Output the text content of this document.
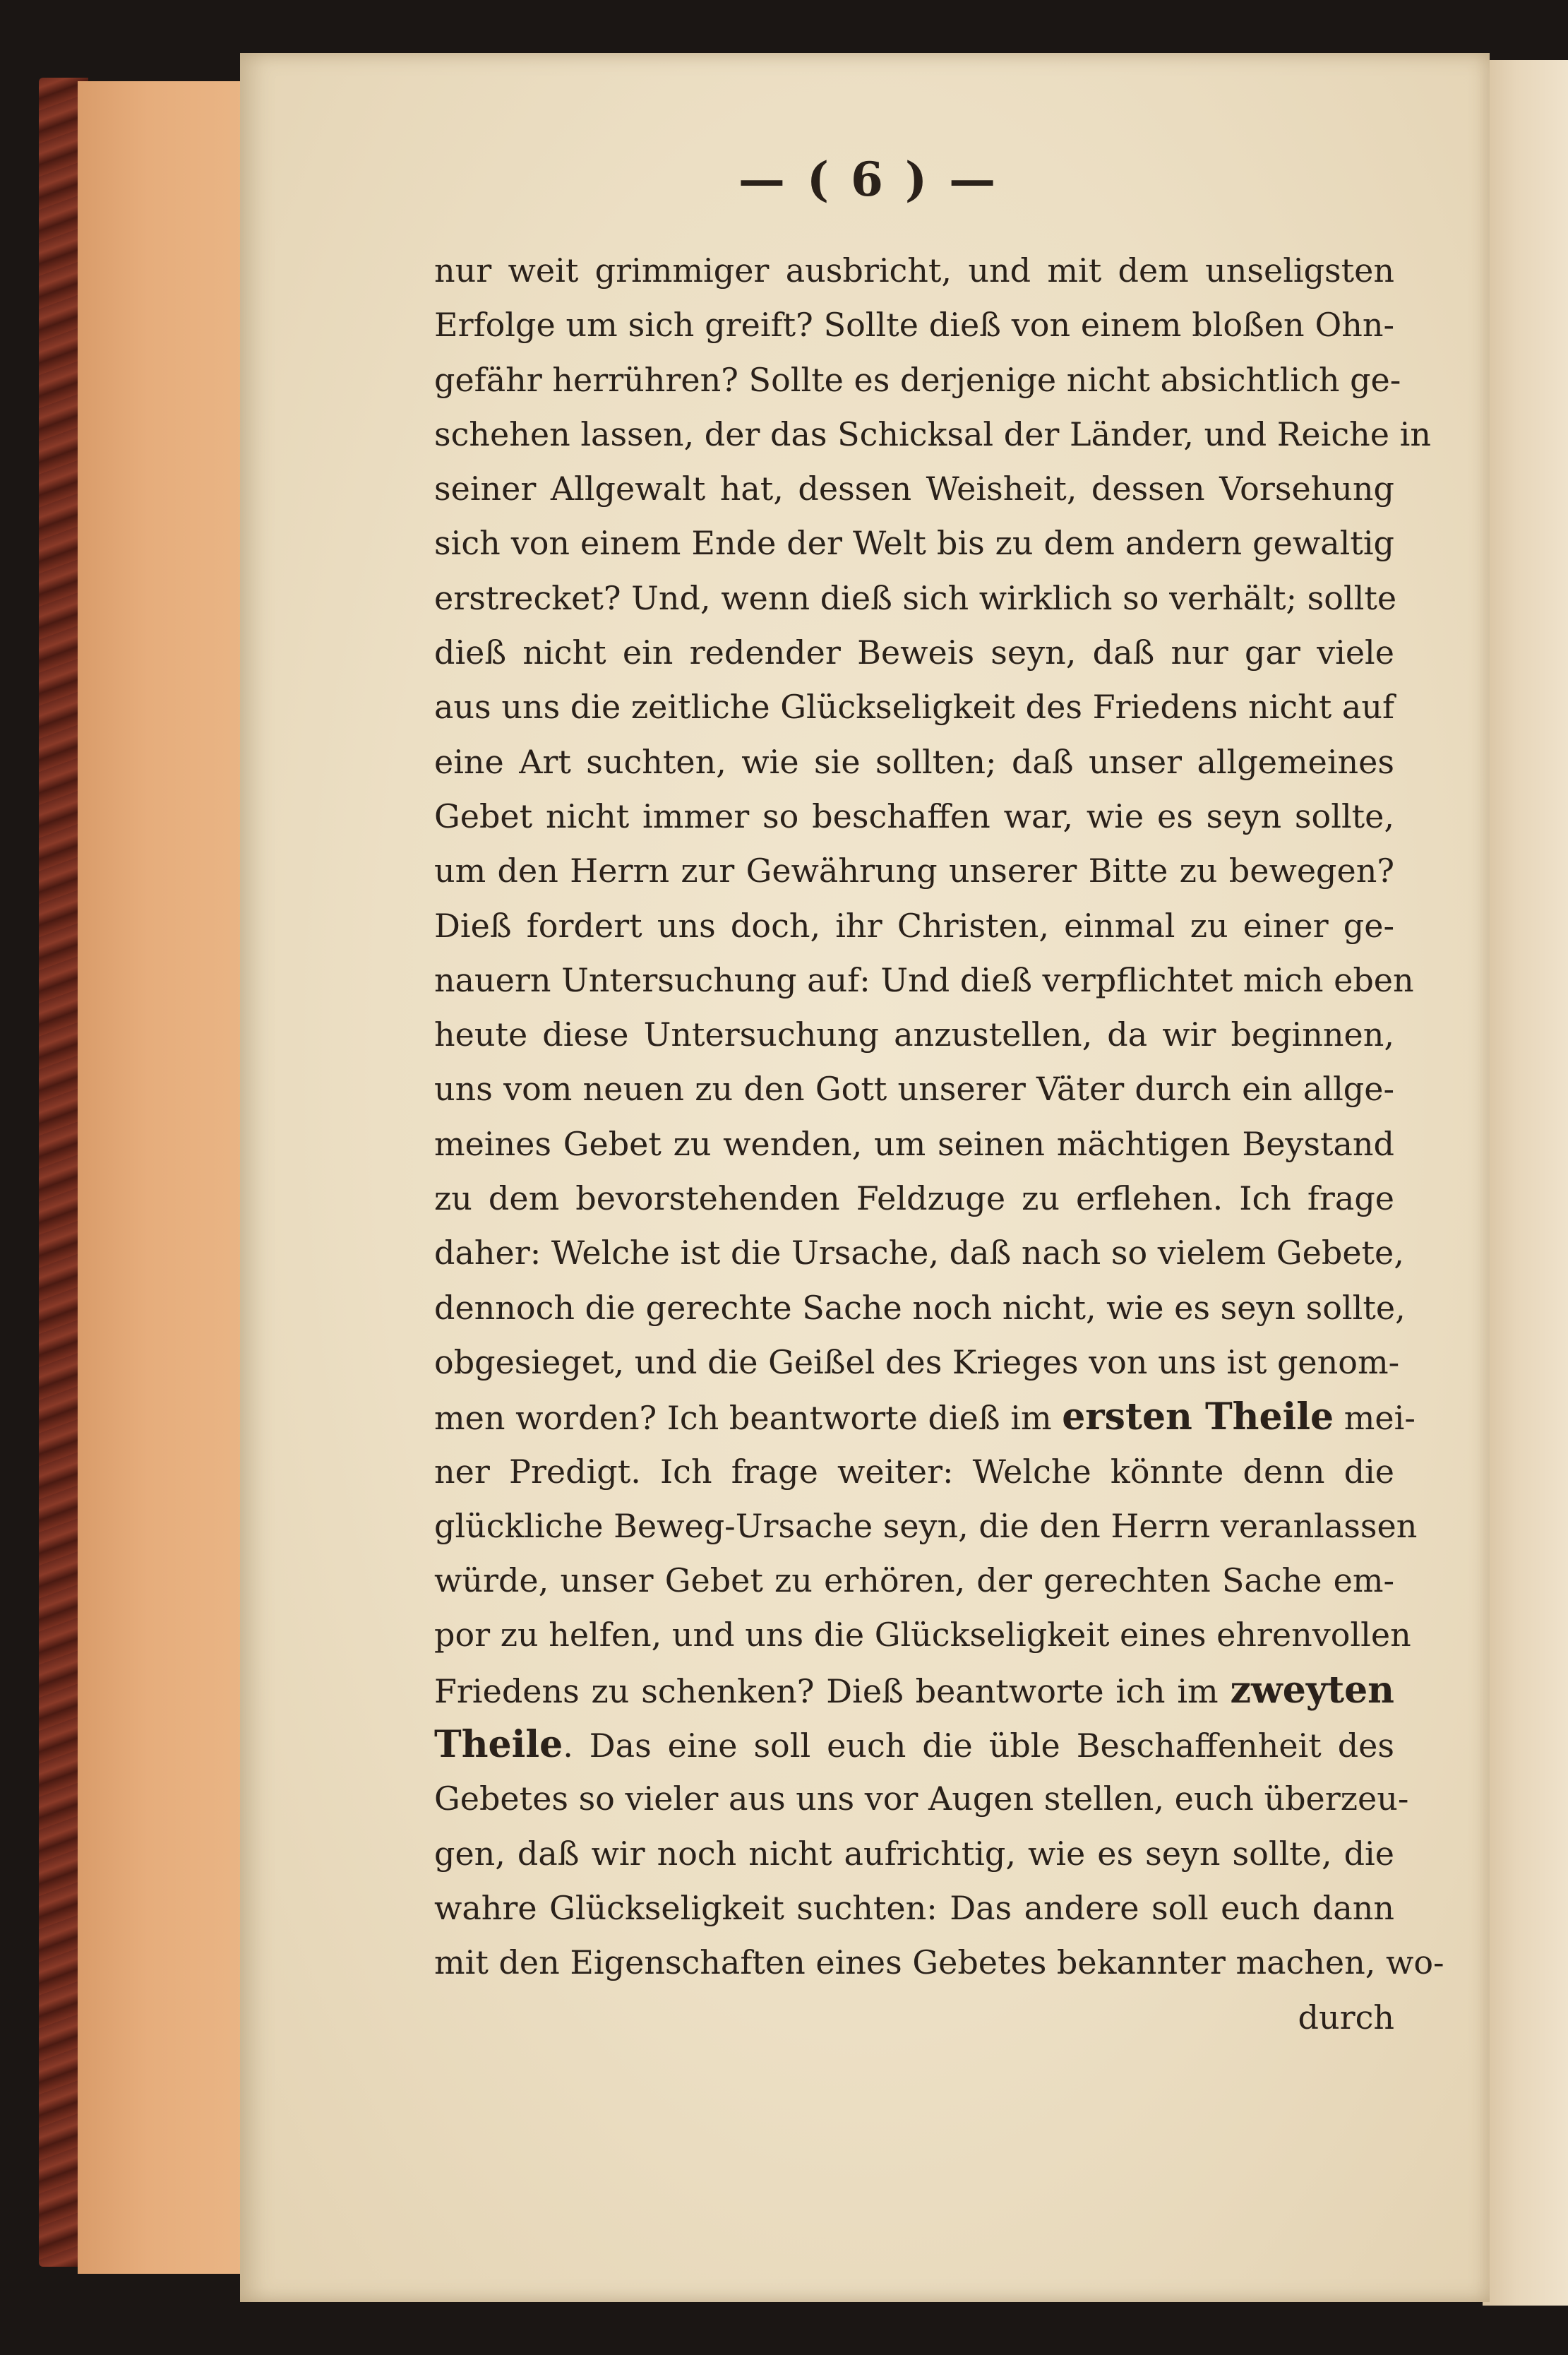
— ( 6 ) —
nur weit grimmiger ausbricht, und mit dem unseligsten
Erfolge um sich greift? Sollte dieß von einem bloßen Ohn-
gefähr herrühren? Sollte es derjenige nicht absichtlich ge-
schehen lassen, der das Schicksal der Länder, und Reiche in
seiner Allgewalt hat, dessen Weisheit, dessen Vorsehung
sich von einem Ende der Welt bis zu dem andern gewaltig
erstrecket? Und, wenn dieß sich wirklich so verhält; sollte
dieß nicht ein redender Beweis seyn, daß nur gar viele
aus uns die zeitliche Glückseligkeit des Friedens nicht auf
eine Art suchten, wie sie sollten; daß unser allgemeines
Gebet nicht immer so beschaffen war, wie es seyn sollte,
um den Herrn zur Gewährung unserer Bitte zu bewegen?
Dieß fordert uns doch, ihr Christen, einmal zu einer ge-
nauern Untersuchung auf: Und dieß verpflichtet mich eben
heute diese Untersuchung anzustellen, da wir beginnen,
uns vom neuen zu den Gott unserer Väter durch ein allge-
meines Gebet zu wenden, um seinen mächtigen Beystand
zu dem bevorstehenden Feldzuge zu erflehen. Ich frage
daher: Welche ist die Ursache, daß nach so vielem Gebete,
dennoch die gerechte Sache noch nicht, wie es seyn sollte,
obgesieget, und die Geißel des Krieges von uns ist genom-
men worden? Ich beantworte dieß im ersten Theile mei-
ner Predigt. Ich frage weiter: Welche könnte denn die
glückliche Beweg-Ursache seyn, die den Herrn veranlassen
würde, unser Gebet zu erhören, der gerechten Sache em-
por zu helfen, und uns die Glückseligkeit eines ehrenvollen
Friedens zu schenken? Dieß beantworte ich im zweyten
Theile. Das eine soll euch die üble Beschaffenheit des
Gebetes so vieler aus uns vor Augen stellen, euch überzeu-
gen, daß wir noch nicht aufrichtig, wie es seyn sollte, die
wahre Glückseligkeit suchten: Das andere soll euch dann
mit den Eigenschaften eines Gebetes bekannter machen, wo-
durch
